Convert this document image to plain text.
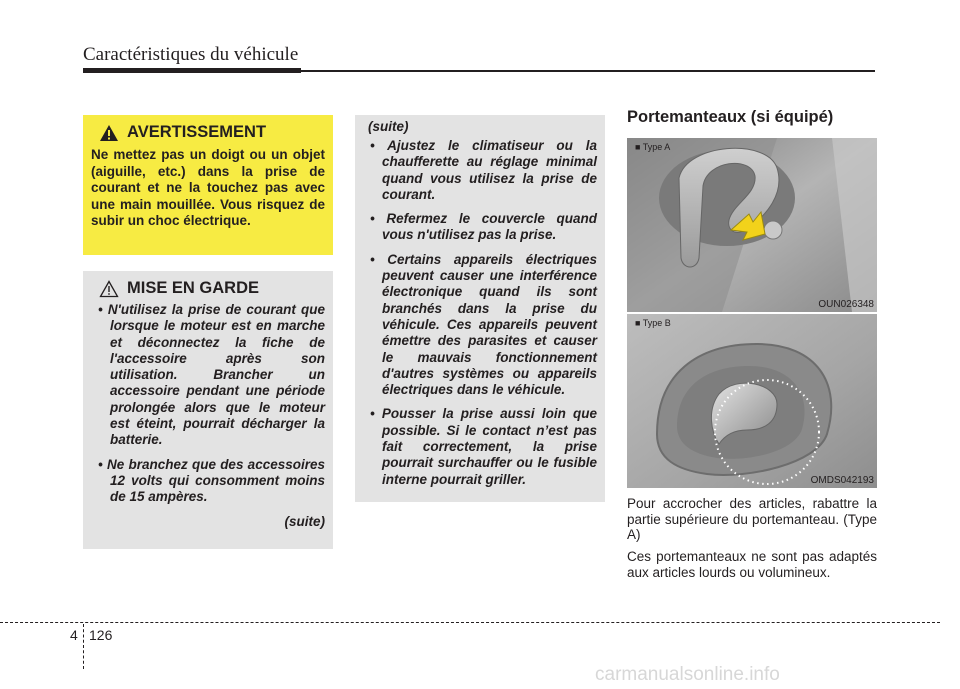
Caractéristiques du véhicule
AVERTISSEMENT
Ne mettez pas un doigt ou un objet (aiguille, etc.) dans la prise de courant et ne la touchez pas avec une main mouillée. Vous risquez de subir un choc électrique.
MISE EN GARDE
• N'utilisez la prise de courant que lorsque le moteur est en marche et déconnectez la fiche de l'accessoire après son utilisation. Brancher un accessoire pendant une période prolongée alors que le moteur est éteint, pourrait décharger la batterie.
• Ne branchez que des accessoires 12 volts qui consomment moins de 15 ampères.
(suite)
(suite)
• Ajustez le climatiseur ou la chaufferette au réglage minimal quand vous utilisez la prise de courant.
• Refermez le couvercle quand vous n'utilisez pas la prise.
• Certains appareils électriques peuvent causer une interférence électronique quand ils sont branchés dans la prise du véhicule. Ces appareils peuvent émettre des parasites et causer le mauvais fonctionnement d'autres systèmes ou appareils électriques dans le véhicule.
• Pousser la prise aussi loin que possible. Si le contact n’est pas fait correctement, la prise pourrait surchauffer ou le fusible interne pourrait griller.
Portemanteaux (si équipé)
■ Type A
OUN026348
■ Type B
OMDS042193
Pour accrocher des articles, rabattre la partie supérieure du portemanteau. (Type A)
Ces portemanteaux ne sont pas adaptés aux articles lourds ou volumineux.
4 126
carmanualsonline.info
